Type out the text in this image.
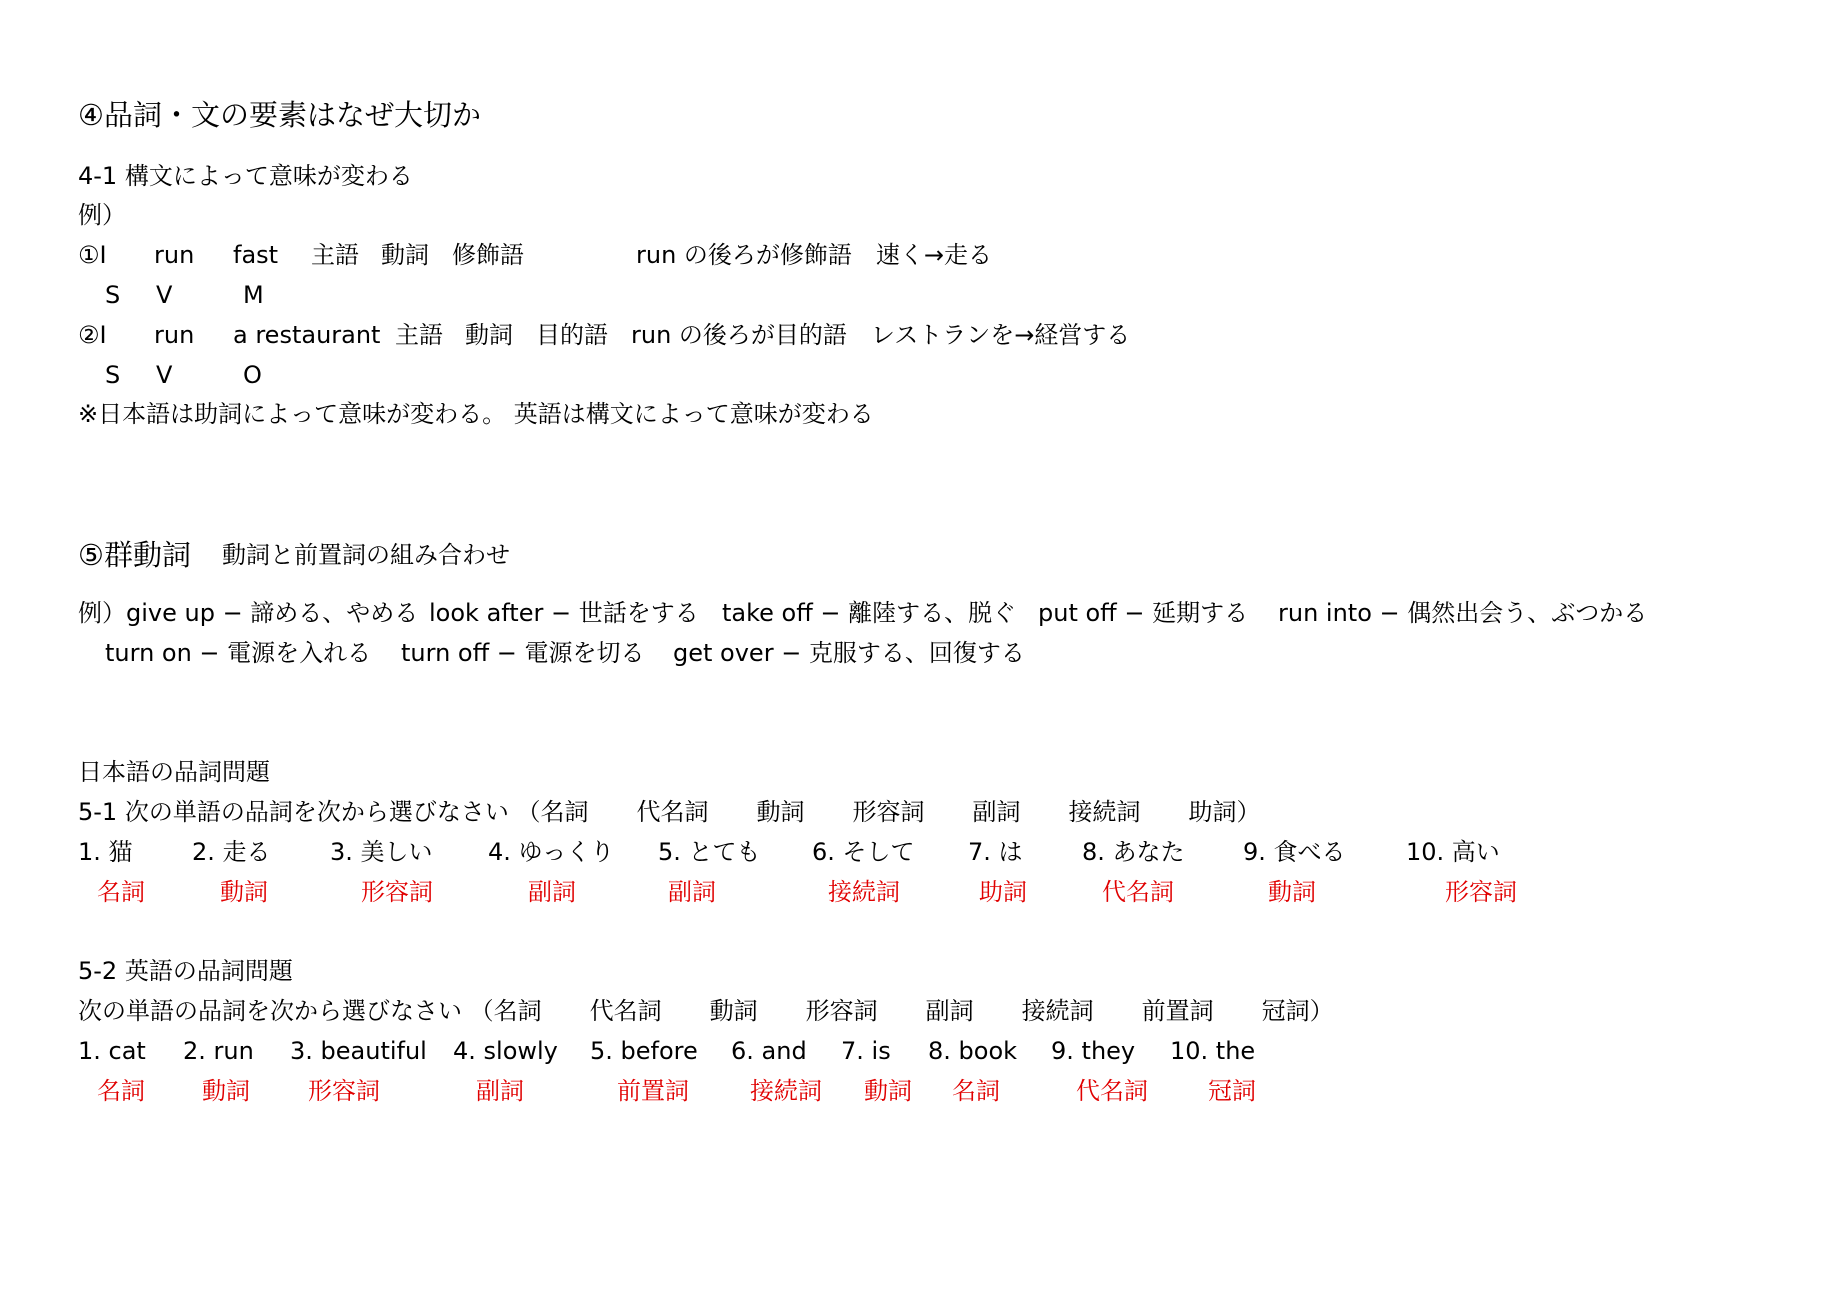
④品詞・文の要素はなぜ大切か
4-1 構文によって意味が変わる
例）
①I run fast 主語 動詞 修飾語	run の後ろが修飾語　速く→走る
S V	M
②I run a restaurant 主語 動詞 目的語 run の後ろが目的語　レストランを→経営する
S V	O
※日本語は助詞によって意味が変わる。 英語は構文によって意味が変わる
⑤群動詞 動詞と前置詞の組み合わせ
例）give up − 諦める、やめる look after − 世話をする take off − 離陸する、脱ぐ put off − 延期する run into − 偶然出会う、ぶつかる
turn on − 電源を入れる turn off − 電源を切る get over − 克服する、回復する
日本語の品詞問題
5-1 次の単語の品詞を次から選びなさい （名詞　　代名詞　　動詞　　形容詞　　副詞　　接続詞　　助詞）
1. 猫 2. 走る 3. 美しい 4. ゆっくり 5. とても 6. そして 7. は 8. あなた 9. 食べる	10. 高い
名詞	動詞	形容詞	副詞	副詞	接続詞	助詞	代名詞	動詞	形容詞
5-2 英語の品詞問題
次の単語の品詞を次から選びなさい （名詞　　代名詞　　動詞　　形容詞　　副詞　　接続詞　　前置詞　　冠詞）
1. cat 2. run 3. beautiful 4. slowly 5. before 6. and 7. is 8. book 9. they 10. the
名詞 動詞 形容詞	副詞	前置詞	接続詞 動詞 名詞	代名詞	冠詞
